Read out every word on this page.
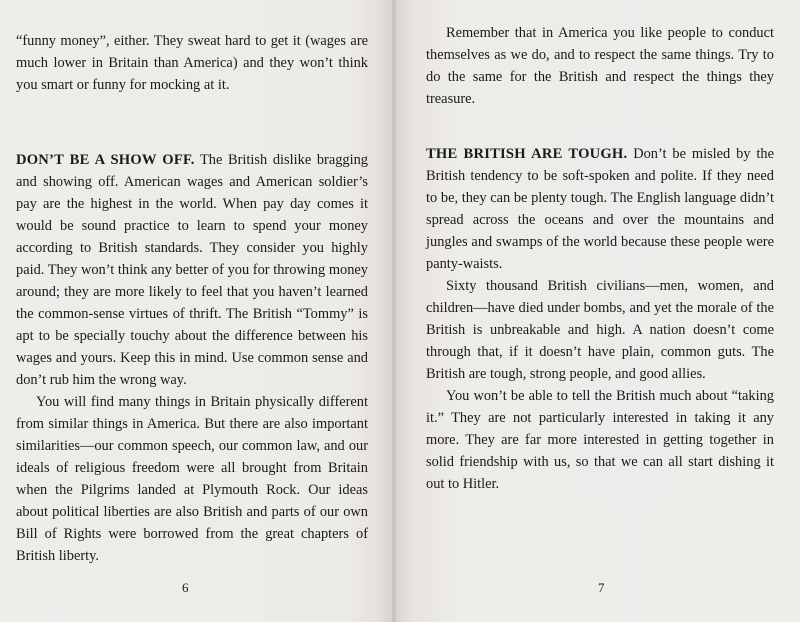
“funny money”, either. They sweat hard to get it (wages are much lower in Britain than America) and they won’t think you smart or funny for mocking at it.

DON’T BE A SHOW OFF. The British dislike bragging and showing off. American wages and American soldier’s pay are the highest in the world. When pay day comes it would be sound practice to learn to spend your money according to British standards. They consider you highly paid. They won’t think any better of you for throwing money around; they are more likely to feel that you haven’t learned the common-sense virtues of thrift. The British “Tommy” is apt to be specially touchy about the difference between his wages and yours. Keep this in mind. Use common sense and don’t rub him the wrong way.

You will find many things in Britain physically different from similar things in America. But there are also important similarities—our common speech, our common law, and our ideals of religious freedom were all brought from Britain when the Pilgrims landed at Plymouth Rock. Our ideas about political liberties are also British and parts of our own Bill of Rights were borrowed from the great chapters of British liberty.

6

Remember that in America you like people to conduct themselves as we do, and to respect the same things. Try to do the same for the British and respect the things they treasure.

THE BRITISH ARE TOUGH. Don’t be misled by the British tendency to be soft-spoken and polite. If they need to be, they can be plenty tough. The English language didn’t spread across the oceans and over the mountains and jungles and swamps of the world because these people were panty-waists.

Sixty thousand British civilians—men, women, and children—have died under bombs, and yet the morale of the British is unbreakable and high. A nation doesn’t come through that, if it doesn’t have plain, common guts. The British are tough, strong people, and good allies.

You won’t be able to tell the British much about “taking it.” They are not particularly interested in taking it any more. They are far more interested in getting together in solid friendship with us, so that we can all start dishing it out to Hitler.

7
